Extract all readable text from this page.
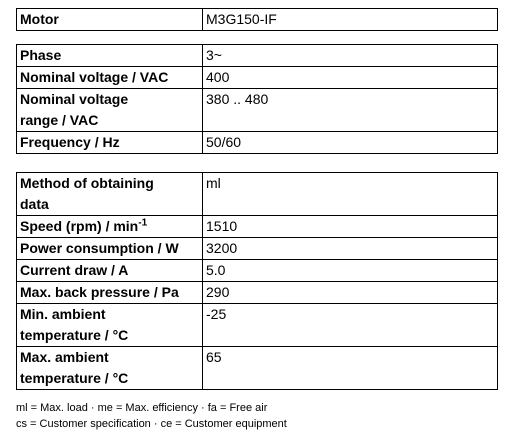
Motor	M3G150-IF
Phase	3~
Nominal voltage / VAC	400
Nominal voltage
range / VAC	380 .. 480
Frequency / Hz	50/60
Method of obtaining
data	ml
Speed $(rpm) / \min^{-1}$	1510
Power consumption / W	3200
Current draw / A	5.0
Max. back pressure / Pa	290
Min. ambient
temperature / °C	-25
Max. ambient
temperature / °C	65
ml = Max. load · me = Max. efficiency · fa = Free air
cs = Customer specification · ce = Customer equipment
